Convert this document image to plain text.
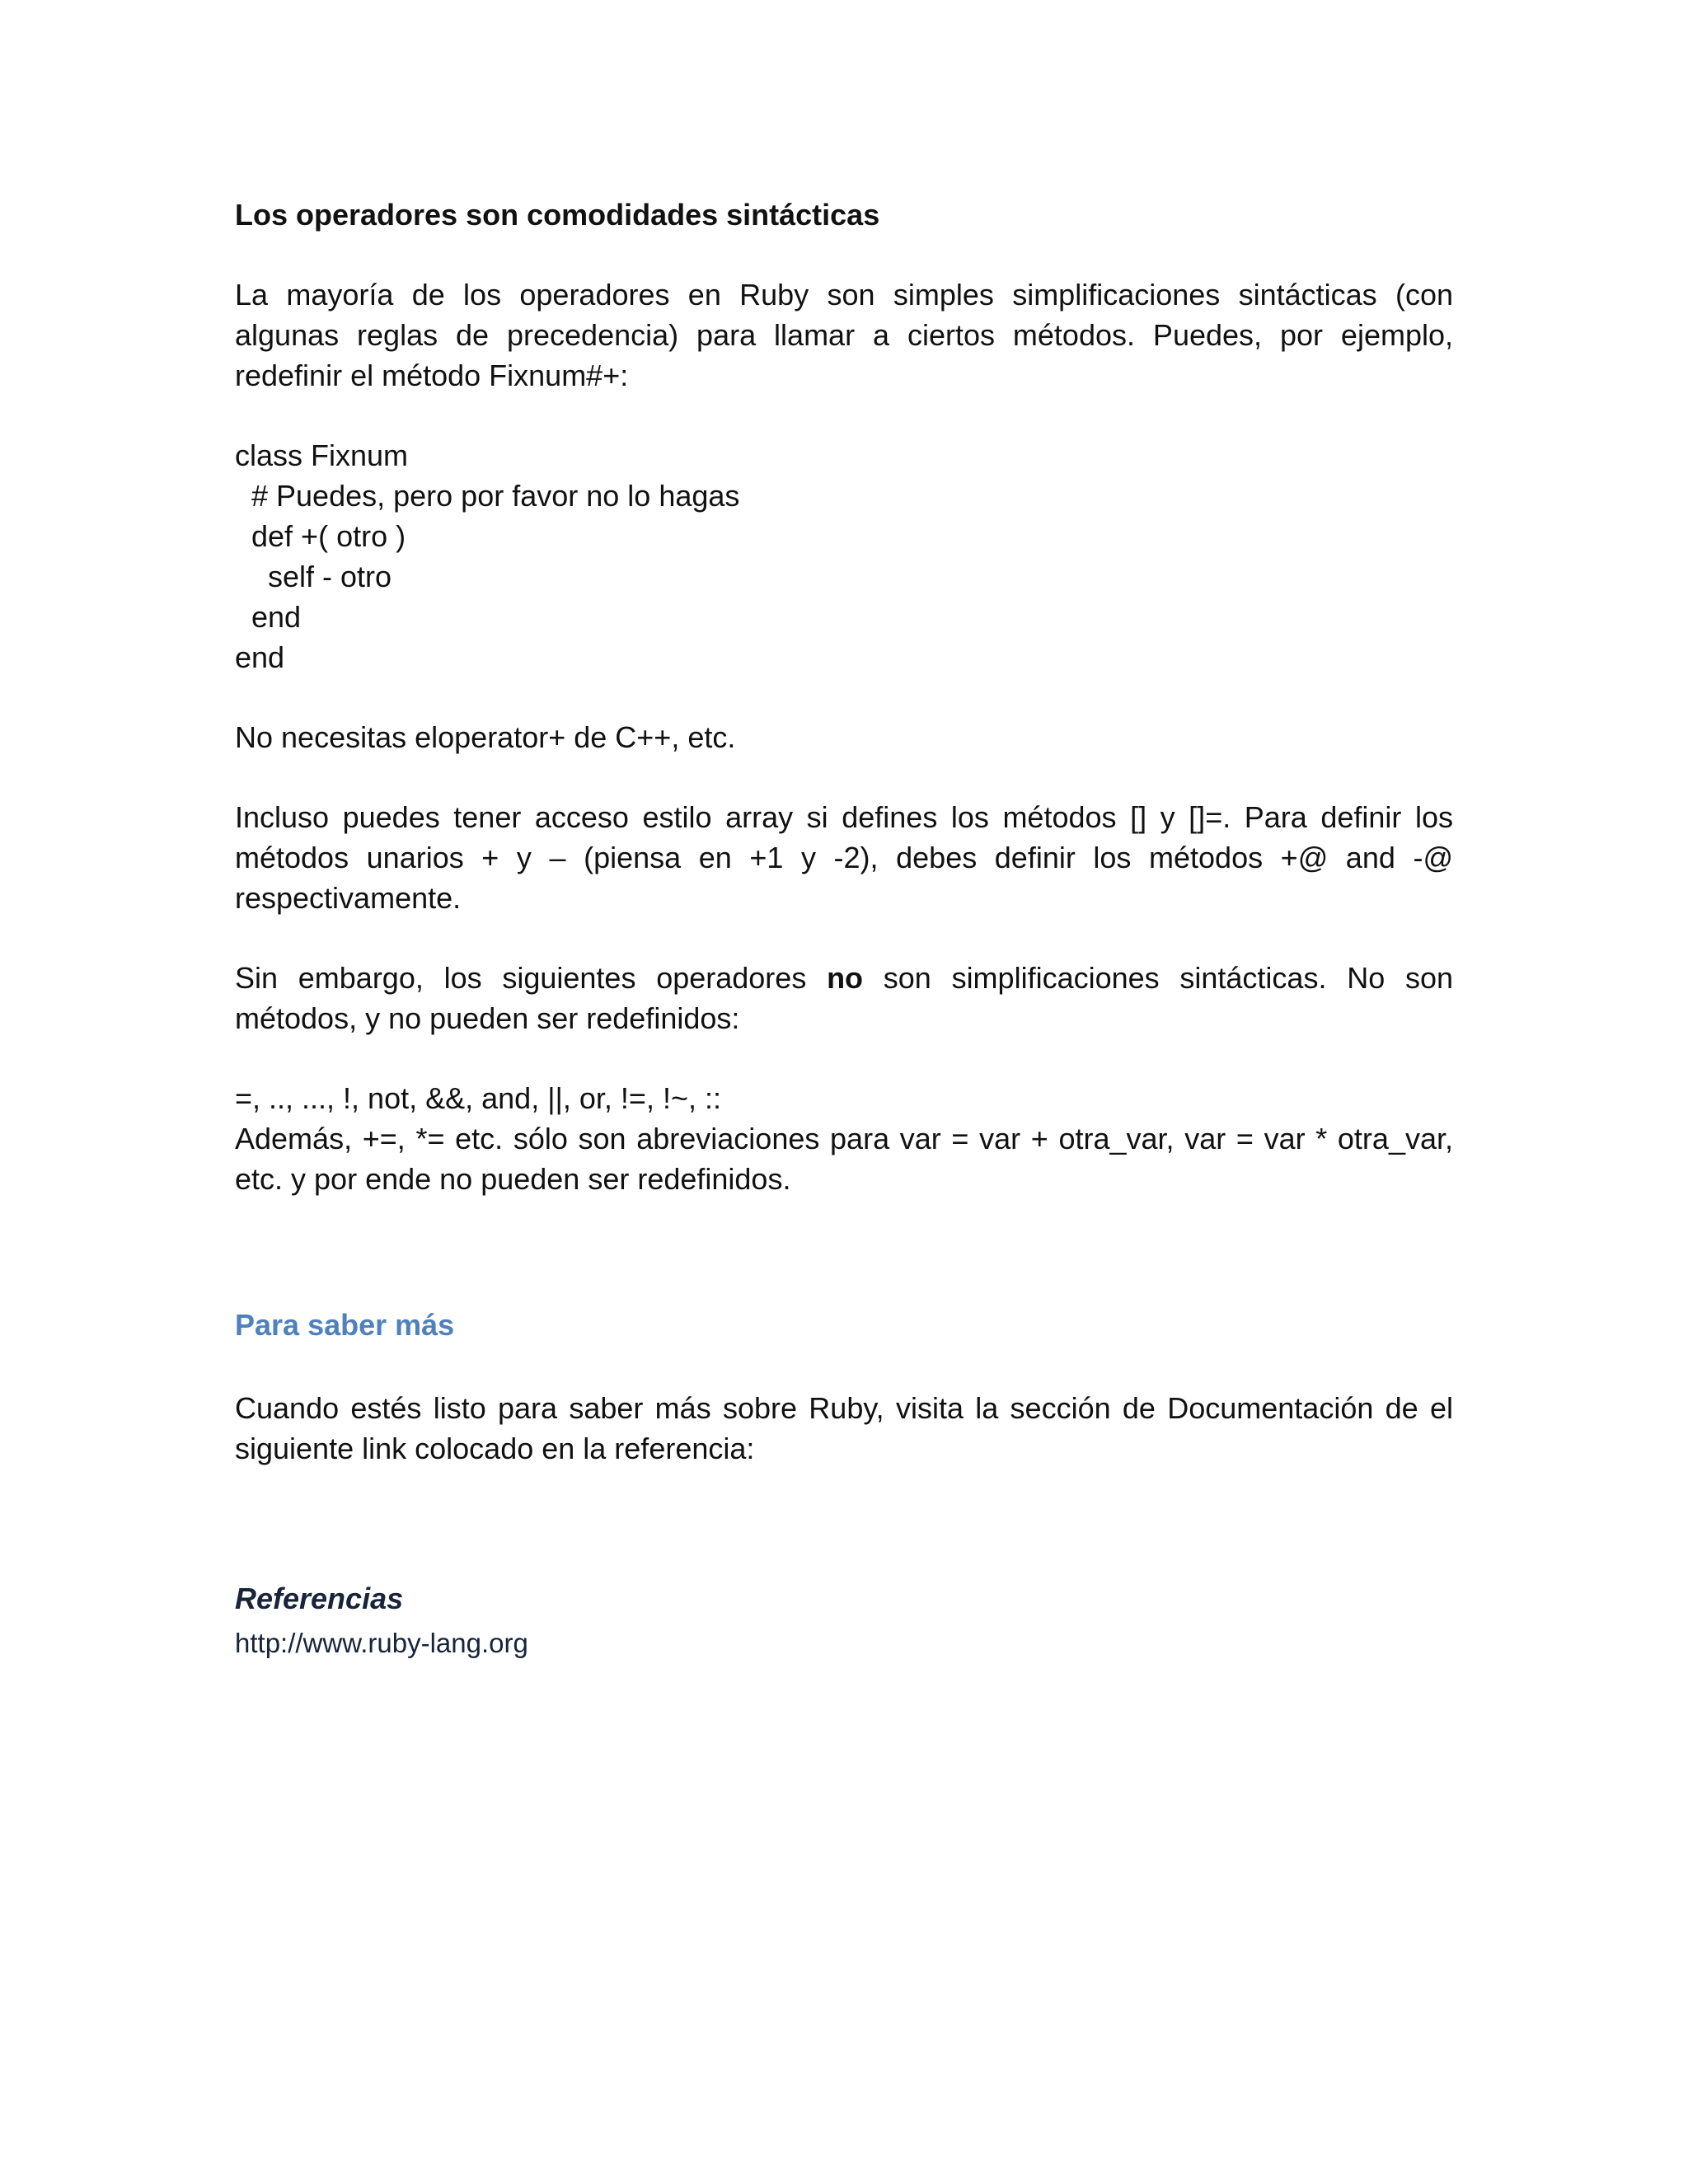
Los operadores son comodidades sintácticas
La mayoría de los operadores en Ruby son simples simplificaciones sintácticas (con algunas reglas de precedencia) para llamar a ciertos métodos. Puedes, por ejemplo, redefinir el método Fixnum#+:
class Fixnum
# Puedes, pero por favor no lo hagas
def +( otro )
self - otro
end
end
No necesitas eloperator+ de C++, etc.
Incluso puedes tener acceso estilo array si defines los métodos [] y []=. Para definir los métodos unarios + y – (piensa en +1 y -2), debes definir los métodos +@ and -@ respectivamente.
Sin embargo, los siguientes operadores no son simplificaciones sintácticas. No son métodos, y no pueden ser redefinidos:
=, .., ..., !, not, &&, and, ||, or, !=, !~, ::
Además, +=, *= etc. sólo son abreviaciones para var = var + otra_var, var = var * otra_var, etc. y por ende no pueden ser redefinidos.
Para saber más
Cuando estés listo para saber más sobre Ruby, visita la sección de Documentación de el siguiente link colocado en la referencia:
Referencias
http://www.ruby-lang.org
